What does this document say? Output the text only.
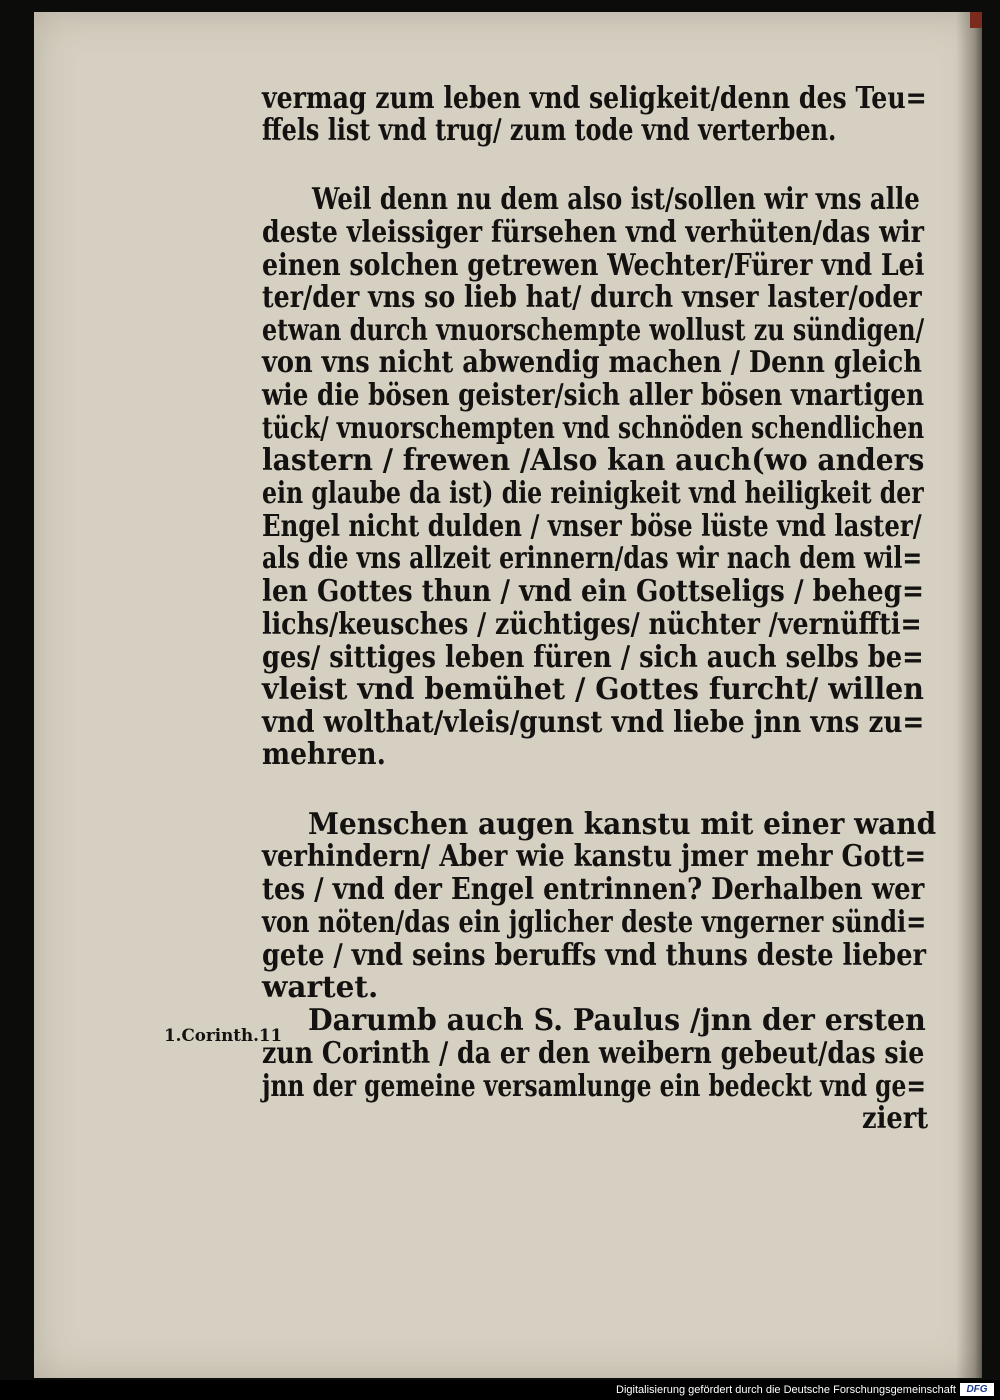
vermag zum leben vnd seligkeit/denn des Teu=

ffels list vnd trug/ zum tode vnd verterben.

Weil denn nu dem also ist/sollen wir vns alle

deste vleissiger fürsehen vnd verhüten/das wir

einen solchen getrewen Wechter/Fürer vnd Lei

ter/der vns so lieb hat/ durch vnser laster/oder

etwan durch vnuorschempte wollust zu sündigen/

von vns nicht abwendig machen / Denn gleich

wie die bösen geister/sich aller bösen vnartigen

tück/ vnuorschempten vnd schnöden schendlichen

lastern / frewen /Also kan auch(wo anders

ein glaube da ist) die reinigkeit vnd heiligkeit der

Engel nicht dulden / vnser böse lüste vnd laster/

als die vns allzeit erinnern/das wir nach dem wil=

len Gottes thun / vnd ein Gottseligs / beheg=

lichs/keusches / züchtiges/ nüchter /vernüffti=

ges/ sittiges leben füren / sich auch selbs be=

vleist vnd bemühet / Gottes furcht/ willen

vnd wolthat/vleis/gunst vnd liebe jnn vns zu=

mehren.

Menschen augen kanstu mit einer wand

verhindern/ Aber wie kanstu jmer mehr Gott=

tes / vnd der Engel entrinnen? Derhalben wer

von nöten/das ein jglicher deste vngerner sündi=

gete / vnd seins beruffs vnd thuns deste lieber

wartet.

Darumb auch S. Paulus /jnn der ersten

zun Corinth / da er den weibern gebeut/das sie

jnn der gemeine versamlunge ein bedeckt vnd ge=

ziert

1.Corinth.11

Digitalisierung gefördert durch die Deutsche Forschungsgemeinschaft	DFG
